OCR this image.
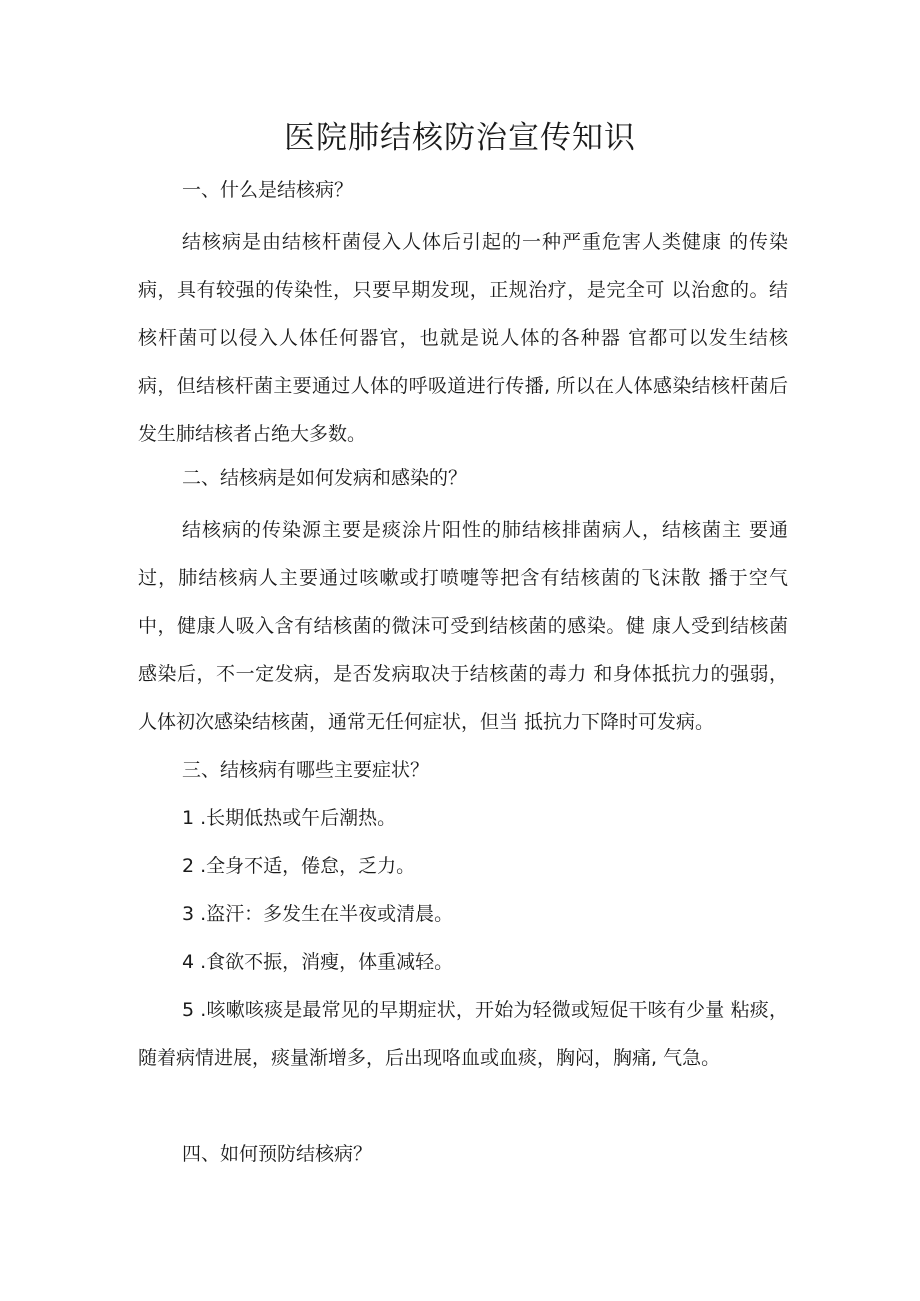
医院肺结核防治宣传知识

一、什么是结核病？

结核病是由结核杆菌侵入人体后引起的一种严重危害人类健康 的传染病，具有较强的传染性，只要早期发现，正规治疗，是完全可 以治愈的。结核杆菌可以侵入人体任何器官，也就是说人体的各种器 官都可以发生结核病，但结核杆菌主要通过人体的呼吸道进行传播, 所以在人体感染结核杆菌后发生肺结核者占绝大多数。

二、结核病是如何发病和感染的？

结核病的传染源主要是痰涂片阳性的肺结核排菌病人，结核菌主 要通过，肺结核病人主要通过咳嗽或打喷嚏等把含有结核菌的飞沫散 播于空气中，健康人吸入含有结核菌的微沫可受到结核菌的感染。健 康人受到结核菌感染后，不一定发病，是否发病取决于结核菌的毒力 和身体抵抗力的强弱，人体初次感染结核菌，通常无任何症状，但当 抵抗力下降时可发病。

三、结核病有哪些主要症状？

1 .长期低热或午后潮热。

2 .全身不适，倦怠，乏力。

3 .盗汗：多发生在半夜或清晨。

4 .食欲不振，消瘦，体重减轻。

5 .咳嗽咳痰是最常见的早期症状，开始为轻微或短促干咳有少量 粘痰，随着病情进展，痰量渐增多，后出现咯血或血痰，胸闷，胸痛, 气急。

四、如何预防结核病？
